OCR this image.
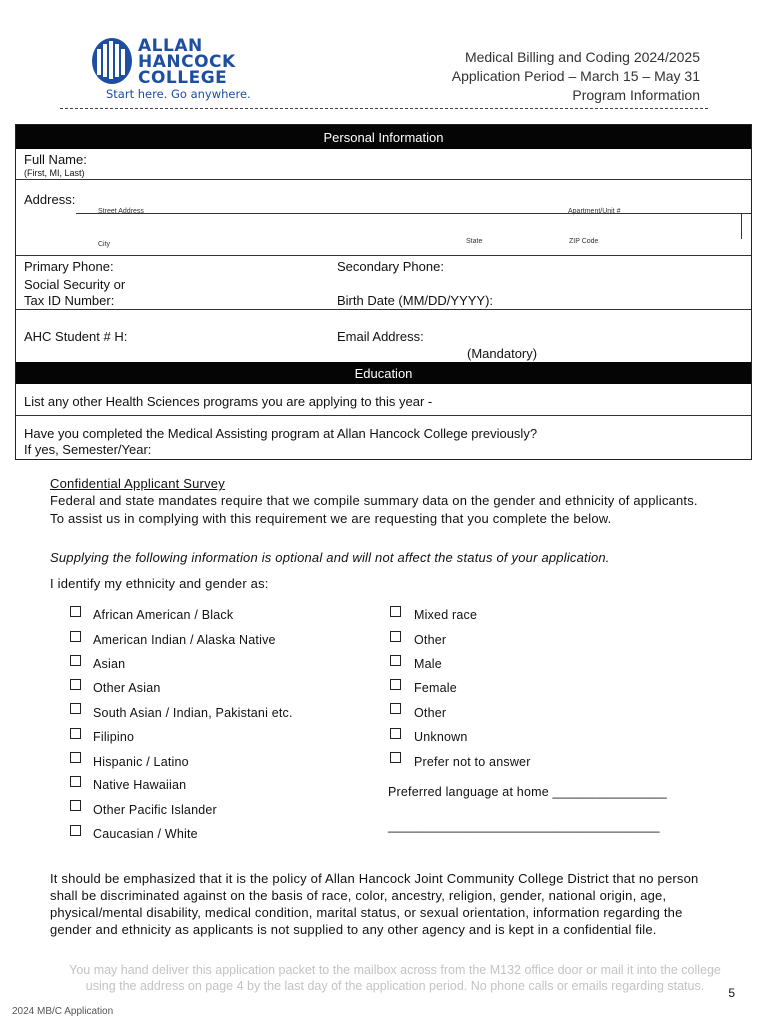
ALLAN
HANCOCK
COLLEGE
Start here. Go anywhere.
Medical Billing and Coding 2024/2025
Application Period – March 15 – May 31
Program Information
Personal Information
Full Name:
(First, MI, Last)
Address:
Street Address	Apartment/Unit #
City	State	ZIP Code
Primary Phone:	Secondary Phone:
Social Security or
Tax ID Number:	Birth Date (MM/DD/YYYY):
AHC Student # H:	Email Address:
(Mandatory)
Education
List any other Health Sciences programs you are applying to this year -
Have you completed the Medical Assisting program at Allan Hancock College previously?
If yes, Semester/Year:
Confidential Applicant Survey
Federal and state mandates require that we compile summary data on the gender and ethnicity of applicants.
To assist us in complying with this requirement we are requesting that you complete the below.
Supplying the following information is optional and will not affect the status of your application.
I identify my ethnicity and gender as:
African American / Black
American Indian / Alaska Native
Asian
Other Asian
South Asian / Indian, Pakistani etc.
Filipino
Hispanic / Latino
Native Hawaiian
Other Pacific Islander
Caucasian / White
Mixed race
Other
Male
Female
Other
Unknown
Prefer not to answer
Preferred language at home ________________
______________________________________
It should be emphasized that it is the policy of Allan Hancock Joint Community College District that no person
shall be discriminated against on the basis of race, color, ancestry, religion, gender, national origin, age,
physical/mental disability, medical condition, marital status, or sexual orientation, information regarding the
gender and ethnicity as applicants is not supplied to any other agency and is kept in a confidential file.
You may hand deliver this application packet to the mailbox across from the M132 office door or mail it into the college
using the address on page 4 by the last day of the application period. No phone calls or emails regarding status.	5
2024 MB/C Application
